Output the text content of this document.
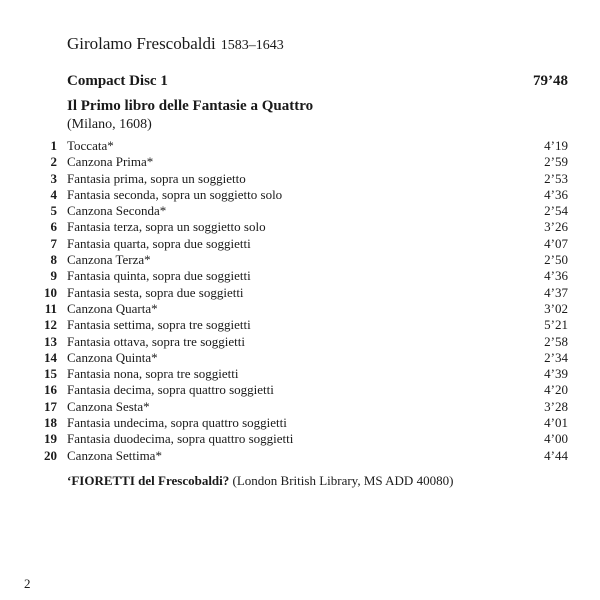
Girolamo Frescobaldi 1583–1643
Compact Disc 1	79’48
Il Primo libro delle Fantasie a Quattro
(Milano, 1608)
1 Toccata*	4’19
2 Canzona Prima*	2’59
3 Fantasia prima, sopra un soggietto	2’53
4 Fantasia seconda, sopra un soggietto solo	4’36
5 Canzona Seconda*	2’54
6 Fantasia terza, sopra un soggietto solo	3’26
7 Fantasia quarta, sopra due soggietti	4’07
8 Canzona Terza*	2’50
9 Fantasia quinta, sopra due soggietti	4’36
10 Fantasia sesta, sopra due soggietti	4’37
11 Canzona Quarta*	3’02
12 Fantasia settima, sopra tre soggietti	5’21
13 Fantasia ottava, sopra tre soggietti	2’58
14 Canzona Quinta*	2’34
15 Fantasia nona, sopra tre soggietti	4’39
16 Fantasia decima, sopra quattro soggietti	4’20
17 Canzona Sesta*	3’28
18 Fantasia undecima, sopra quattro soggietti	4’01
19 Fantasia duodecima, sopra quattro soggietti	4’00
20 Canzona Settima*	4’44
‘FIORETTI del Frescobaldi? (London British Library, MS ADD 40080)
2
